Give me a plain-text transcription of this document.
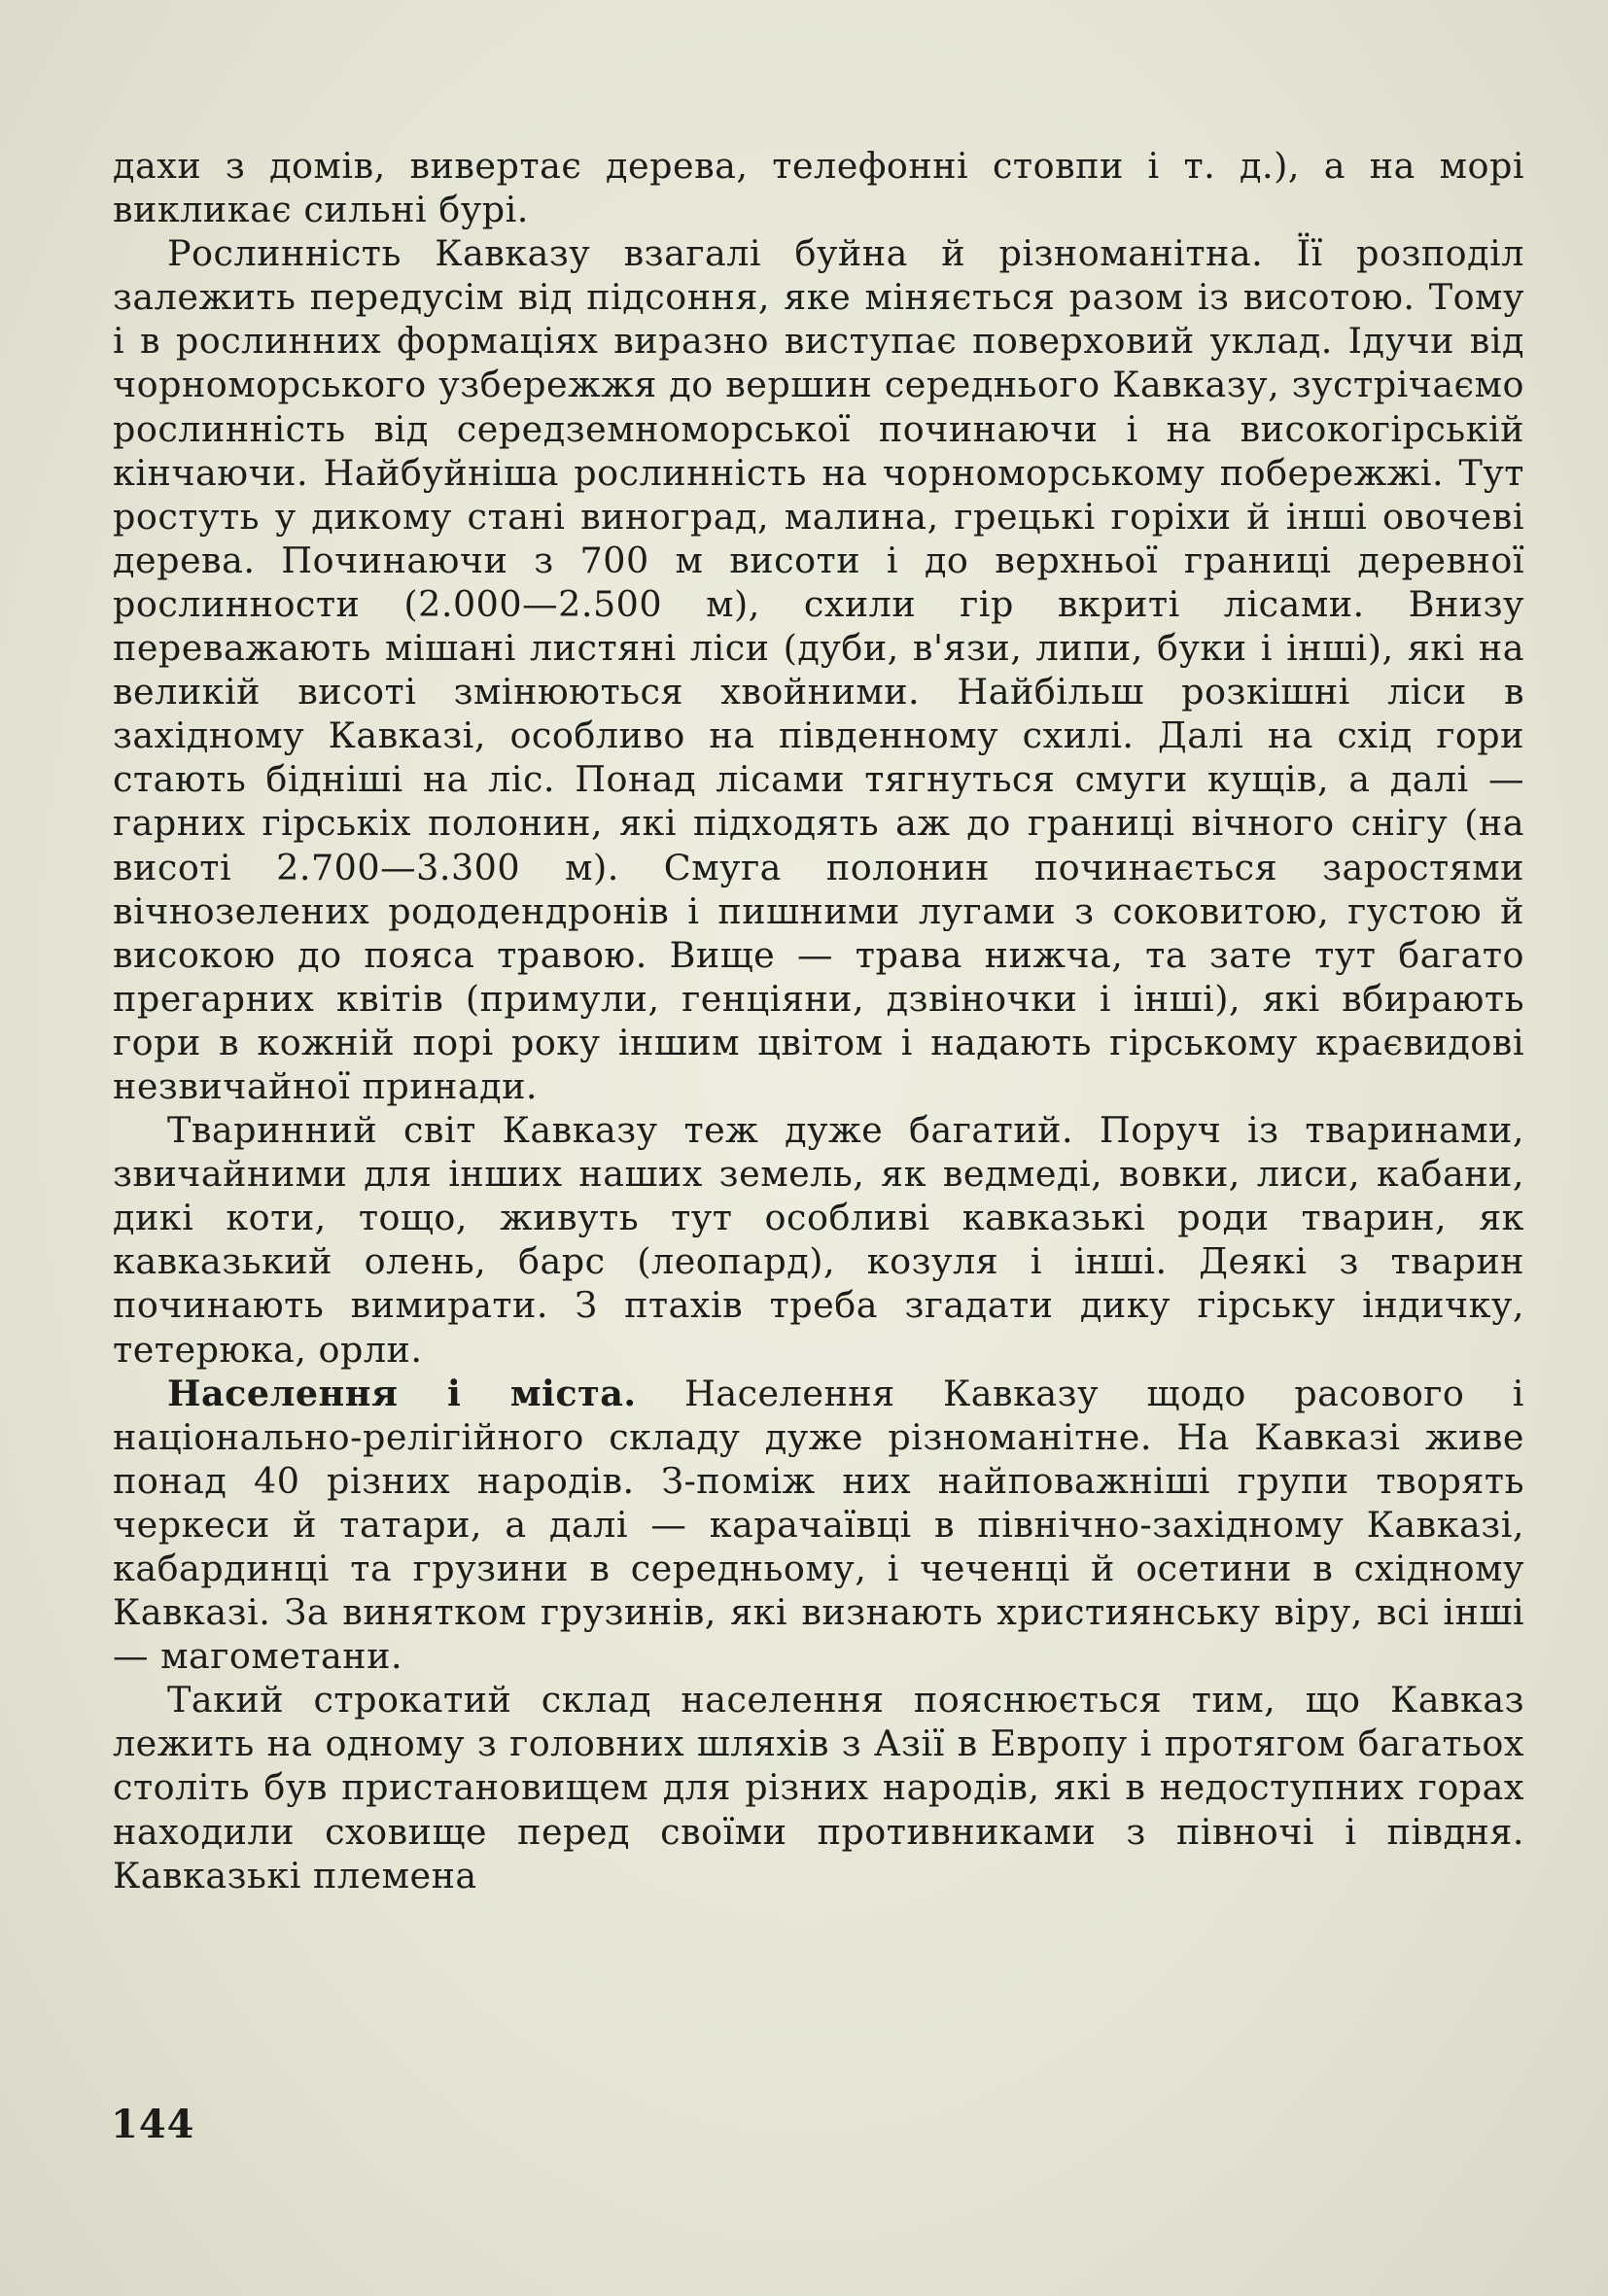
дахи з домів, вивертає дерева, телефонні стовпи і т. д.), а на морі викликає сильні бурі.

Рослинність Кавказу взагалі буйна й різноманітна. Її розподіл залежить передусім від підсоння, яке міняється разом із висотою. Тому і в рослинних формаціях виразно виступає поверховий уклад. Ідучи від чорноморського узбережжя до вершин середнього Кавказу, зустрічаємо рослинність від середземноморської починаючи і на високогірській кінчаючи. Найбуйніша рослинність на чорноморському побережжі. Тут ростуть у дикому стані виноград, малина, грецькі горіхи й інші овочеві дерева. Починаючи з 700 м висоти і до верхньої границі деревної рослинности (2.000—2.500 м), схили гір вкриті лісами. Внизу переважають мішані листяні ліси (дуби, в'язи, липи, буки і інші), які на великій висоті змінюються хвойними. Найбільш розкішні ліси в західному Кавказі, особливо на південному схилі. Далі на схід гори стають бідніші на ліс. Понад лісами тягнуться смуги кущів, а далі — гарних гірськіх полонин, які підходять аж до границі вічного снігу (на висоті 2.700—3.300 м). Смуга полонин починається заростями вічнозелених рододендронів і пишними лугами з соковитою, густою й високою до пояса травою. Вище — трава нижча, та зате тут багато прегарних квітів (примули, генціяни, дзвіночки і інші), які вбирають гори в кожній порі року іншим цвітом і надають гірському краєвидові незвичайної принади.

Тваринний світ Кавказу теж дуже багатий. Поруч із тваринами, звичайними для інших наших земель, як ведмеді, вовки, лиси, кабани, дикі коти, тощо, живуть тут особливі кавказькі роди тварин, як кавказький олень, барс (леопард), козуля і інші. Деякі з тварин починають вимирати. З птахів треба згадати дику гірську індичку, тетерюка, орли.

Населення і міста. Населення Кавказу щодо расового і національно-релігійного складу дуже різноманітне. На Кавказі живе понад 40 різних народів. З-поміж них найповажніші групи творять черкеси й татари, а далі — карачаївці в північно-західному Кавказі, кабардинці та грузини в середньому, і чеченці й осетини в східному Кавказі. За винятком грузинів, які визнають християнську віру, всі інші — магометани.

Такий строкатий склад населення пояснюється тим, що Кавказ лежить на одному з головних шляхів з Азії в Европу і протягом багатьох століть був пристановищем для різних народів, які в недоступних горах находили сховище перед своїми противниками з півночі і півдня. Кавказькі племена

144
